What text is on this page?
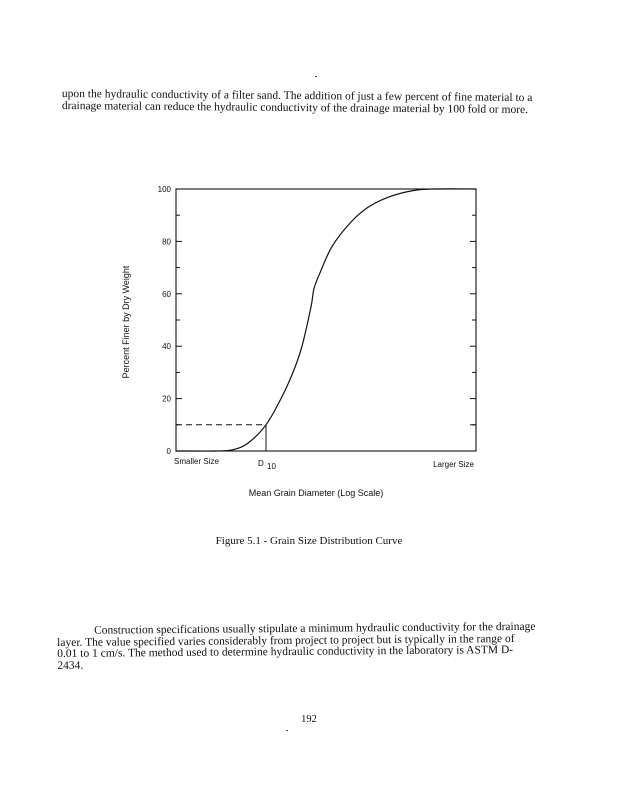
upon the hydraulic conductivity of a filter sand. The addition of just a few percent of fine material to a drainage material can reduce the hydraulic conductivity of the drainage material by 100 fold or more.
0
20
40
60
80
100
Smaller Size	Larger Size
D 10
Mean Grain Diameter (Log Scale)
Percent Finer by Dry Weight
Figure 5.1 - Grain Size Distribution Curve
Construction specifications usually stipulate a minimum hydraulic conductivity for the drainage layer. The value specified varies considerably from project to project but is typically in the range of 0.01 to 1 cm/s. The method used to determine hydraulic conductivity in the laboratory is ASTM D-2434.
192
